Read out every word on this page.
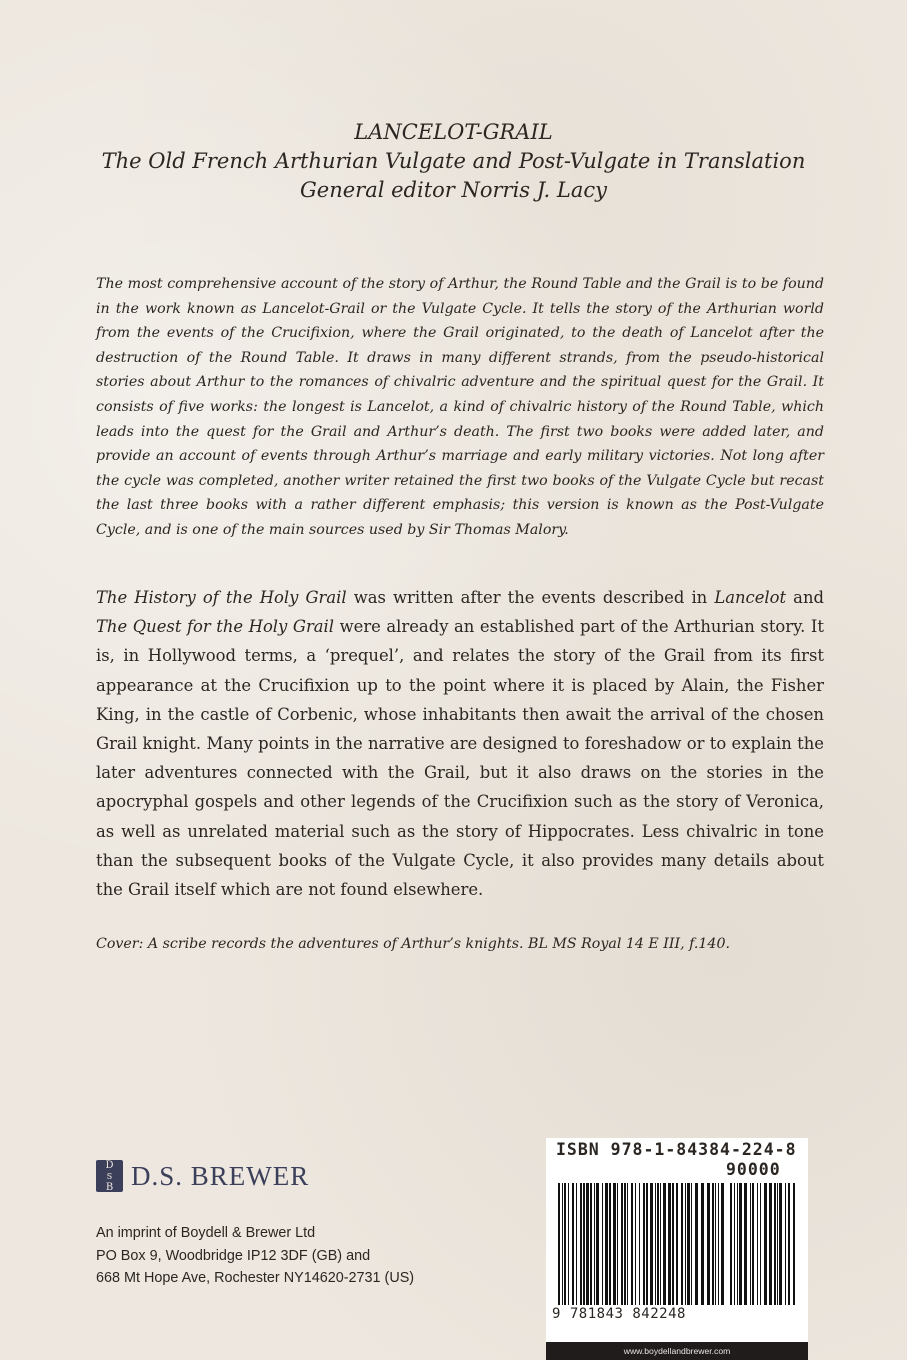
LANCELOT-GRAIL
The Old French Arthurian Vulgate and Post-Vulgate in Translation
General editor Norris J. Lacy

The most comprehensive account of the story of Arthur, the Round Table and the Grail is to be found in the work known as Lancelot-Grail or the Vulgate Cycle. It tells the story of the Arthurian world from the events of the Crucifixion, where the Grail originated, to the death of Lancelot after the destruction of the Round Table. It draws in many different strands, from the pseudo-historical stories about Arthur to the romances of chivalric adventure and the spiritual quest for the Grail. It consists of five works: the longest is Lancelot, a kind of chivalric history of the Round Table, which leads into the quest for the Grail and Arthur’s death. The first two books were added later, and provide an account of events through Arthur’s marriage and early military victories. Not long after the cycle was completed, another writer retained the first two books of the Vulgate Cycle but recast the last three books with a rather different emphasis; this version is known as the Post-Vulgate Cycle, and is one of the main sources used by Sir Thomas Malory.

The History of the Holy Grail was written after the events described in Lancelot and The Quest for the Holy Grail were already an established part of the Arthurian story. It is, in Hollywood terms, a ‘prequel’, and relates the story of the Grail from its first appearance at the Crucifixion up to the point where it is placed by Alain, the Fisher King, in the castle of Corbenic, whose inhabitants then await the arrival of the chosen Grail knight. Many points in the narrative are designed to foreshadow or to explain the later adventures connected with the Grail, but it also draws on the stories in the apocryphal gospels and other legends of the Crucifixion such as the story of Veronica, as well as unrelated material such as the story of Hippocrates. Less chivalric in tone than the subsequent books of the Vulgate Cycle, it also provides many details about the Grail itself which are not found elsewhere.

Cover: A scribe records the adventures of Arthur’s knights. BL MS Royal 14 E III, f.140.
D
S
B D.S. BREWER
An imprint of Boydell & Brewer Ltd
PO Box 9, Woodbridge IP12 3DF (GB) and
668 Mt Hope Ave, Rochester NY14620-2731 (US)
ISBN 978-1-84384-224-8
90000
9 781843 842248
www.boydellandbrewer.com
